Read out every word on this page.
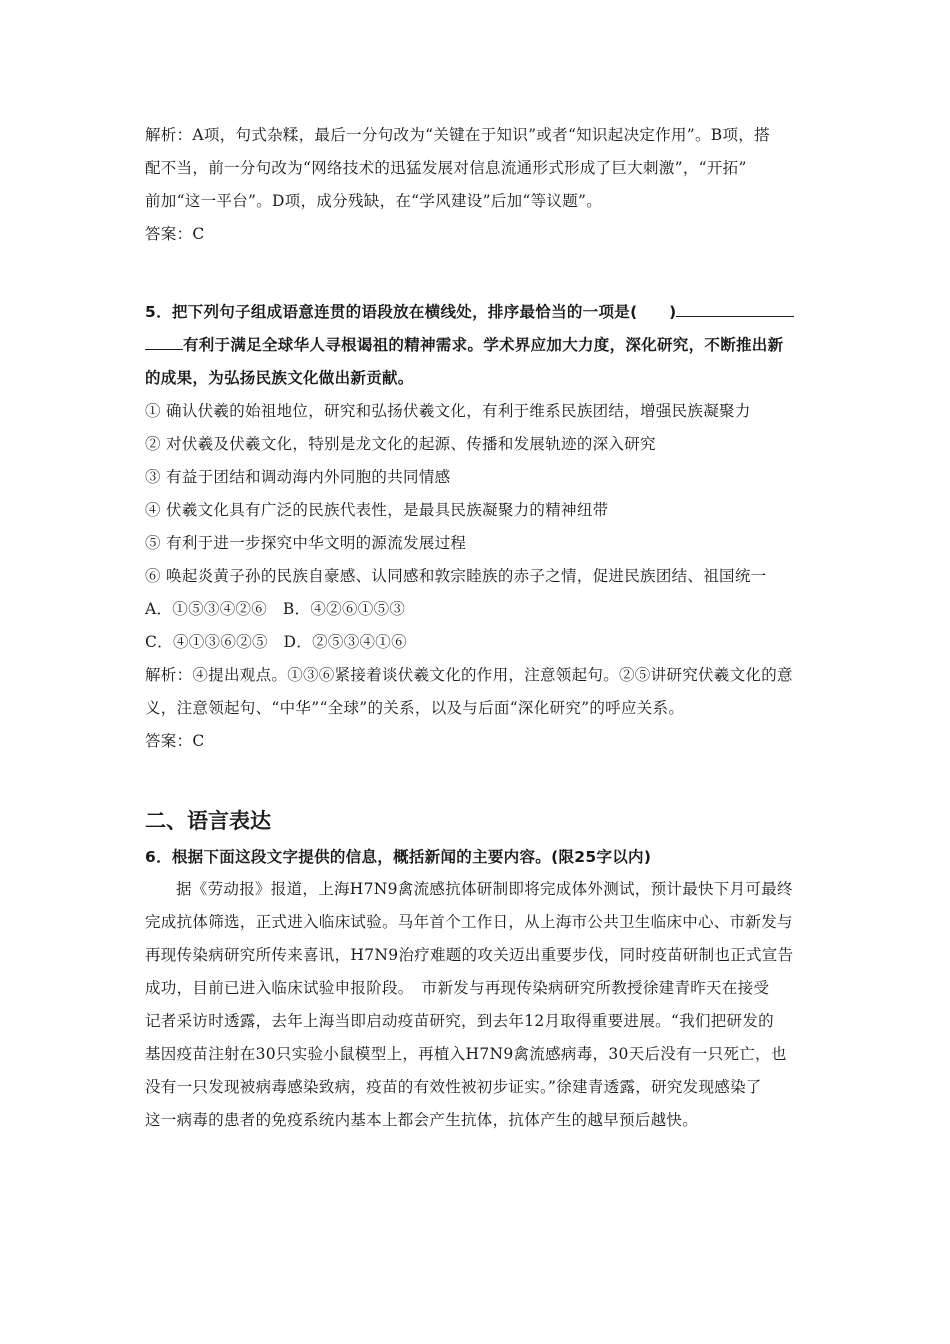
解析：A项，句式杂糅，最后一分句改为“关键在于知识”或者“知识起决定作用”。B项，搭
配不当，前一分句改为“网络技术的迅猛发展对信息流通形式形成了巨大刺激”，“开拓”
前加“这一平台”。D项，成分残缺，在“学风建设”后加“等议题”。
答案：C
5．把下列句子组成语意连贯的语段放在横线处，排序最恰当的一项是(　　)
有利于满足全球华人寻根谒祖的精神需求。学术界应加大力度，深化研究，不断推出新
的成果，为弘扬民族文化做出新贡献。
① 确认伏羲的始祖地位，研究和弘扬伏羲文化，有利于维系民族团结，增强民族凝聚力
② 对伏羲及伏羲文化，特别是龙文化的起源、传播和发展轨迹的深入研究
③ 有益于团结和调动海内外同胞的共同情感
④ 伏羲文化具有广泛的民族代表性，是最具民族凝聚力的精神纽带
⑤ 有利于进一步探究中华文明的源流发展过程
⑥ 唤起炎黄子孙的民族自豪感、认同感和敦宗睦族的赤子之情，促进民族团结、祖国统一
A．①⑤③④②⑥　B．④②⑥①⑤③
C．④①③⑥②⑤　D．②⑤③④①⑥
解析：④提出观点。①③⑥紧接着谈伏羲文化的作用，注意领起句。②⑤讲研究伏羲文化的意
义，注意领起句、“中华”“全球”的关系，以及与后面“深化研究”的呼应关系。
答案：C
二、语言表达
6．根据下面这段文字提供的信息，概括新闻的主要内容。(限25字以内)
据《劳动报》报道，上海H7N9禽流感抗体研制即将完成体外测试，预计最快下月可最终
完成抗体筛选，正式进入临床试验。马年首个工作日，从上海市公共卫生临床中心、市新发与
再现传染病研究所传来喜讯，H7N9治疗难题的攻关迈出重要步伐，同时疫苗研制也正式宣告
成功，目前已进入临床试验申报阶段。　市新发与再现传染病研究所教授徐建青昨天在接受
记者采访时透露，去年上海当即启动疫苗研究，到去年12月取得重要进展。“我们把研发的
基因疫苗注射在30只实验小鼠模型上，再植入H7N9禽流感病毒，30天后没有一只死亡，也
没有一只发现被病毒感染致病，疫苗的有效性被初步证实。”徐建青透露，研究发现感染了
这一病毒的患者的免疫系统内基本上都会产生抗体，抗体产生的越早预后越快。
